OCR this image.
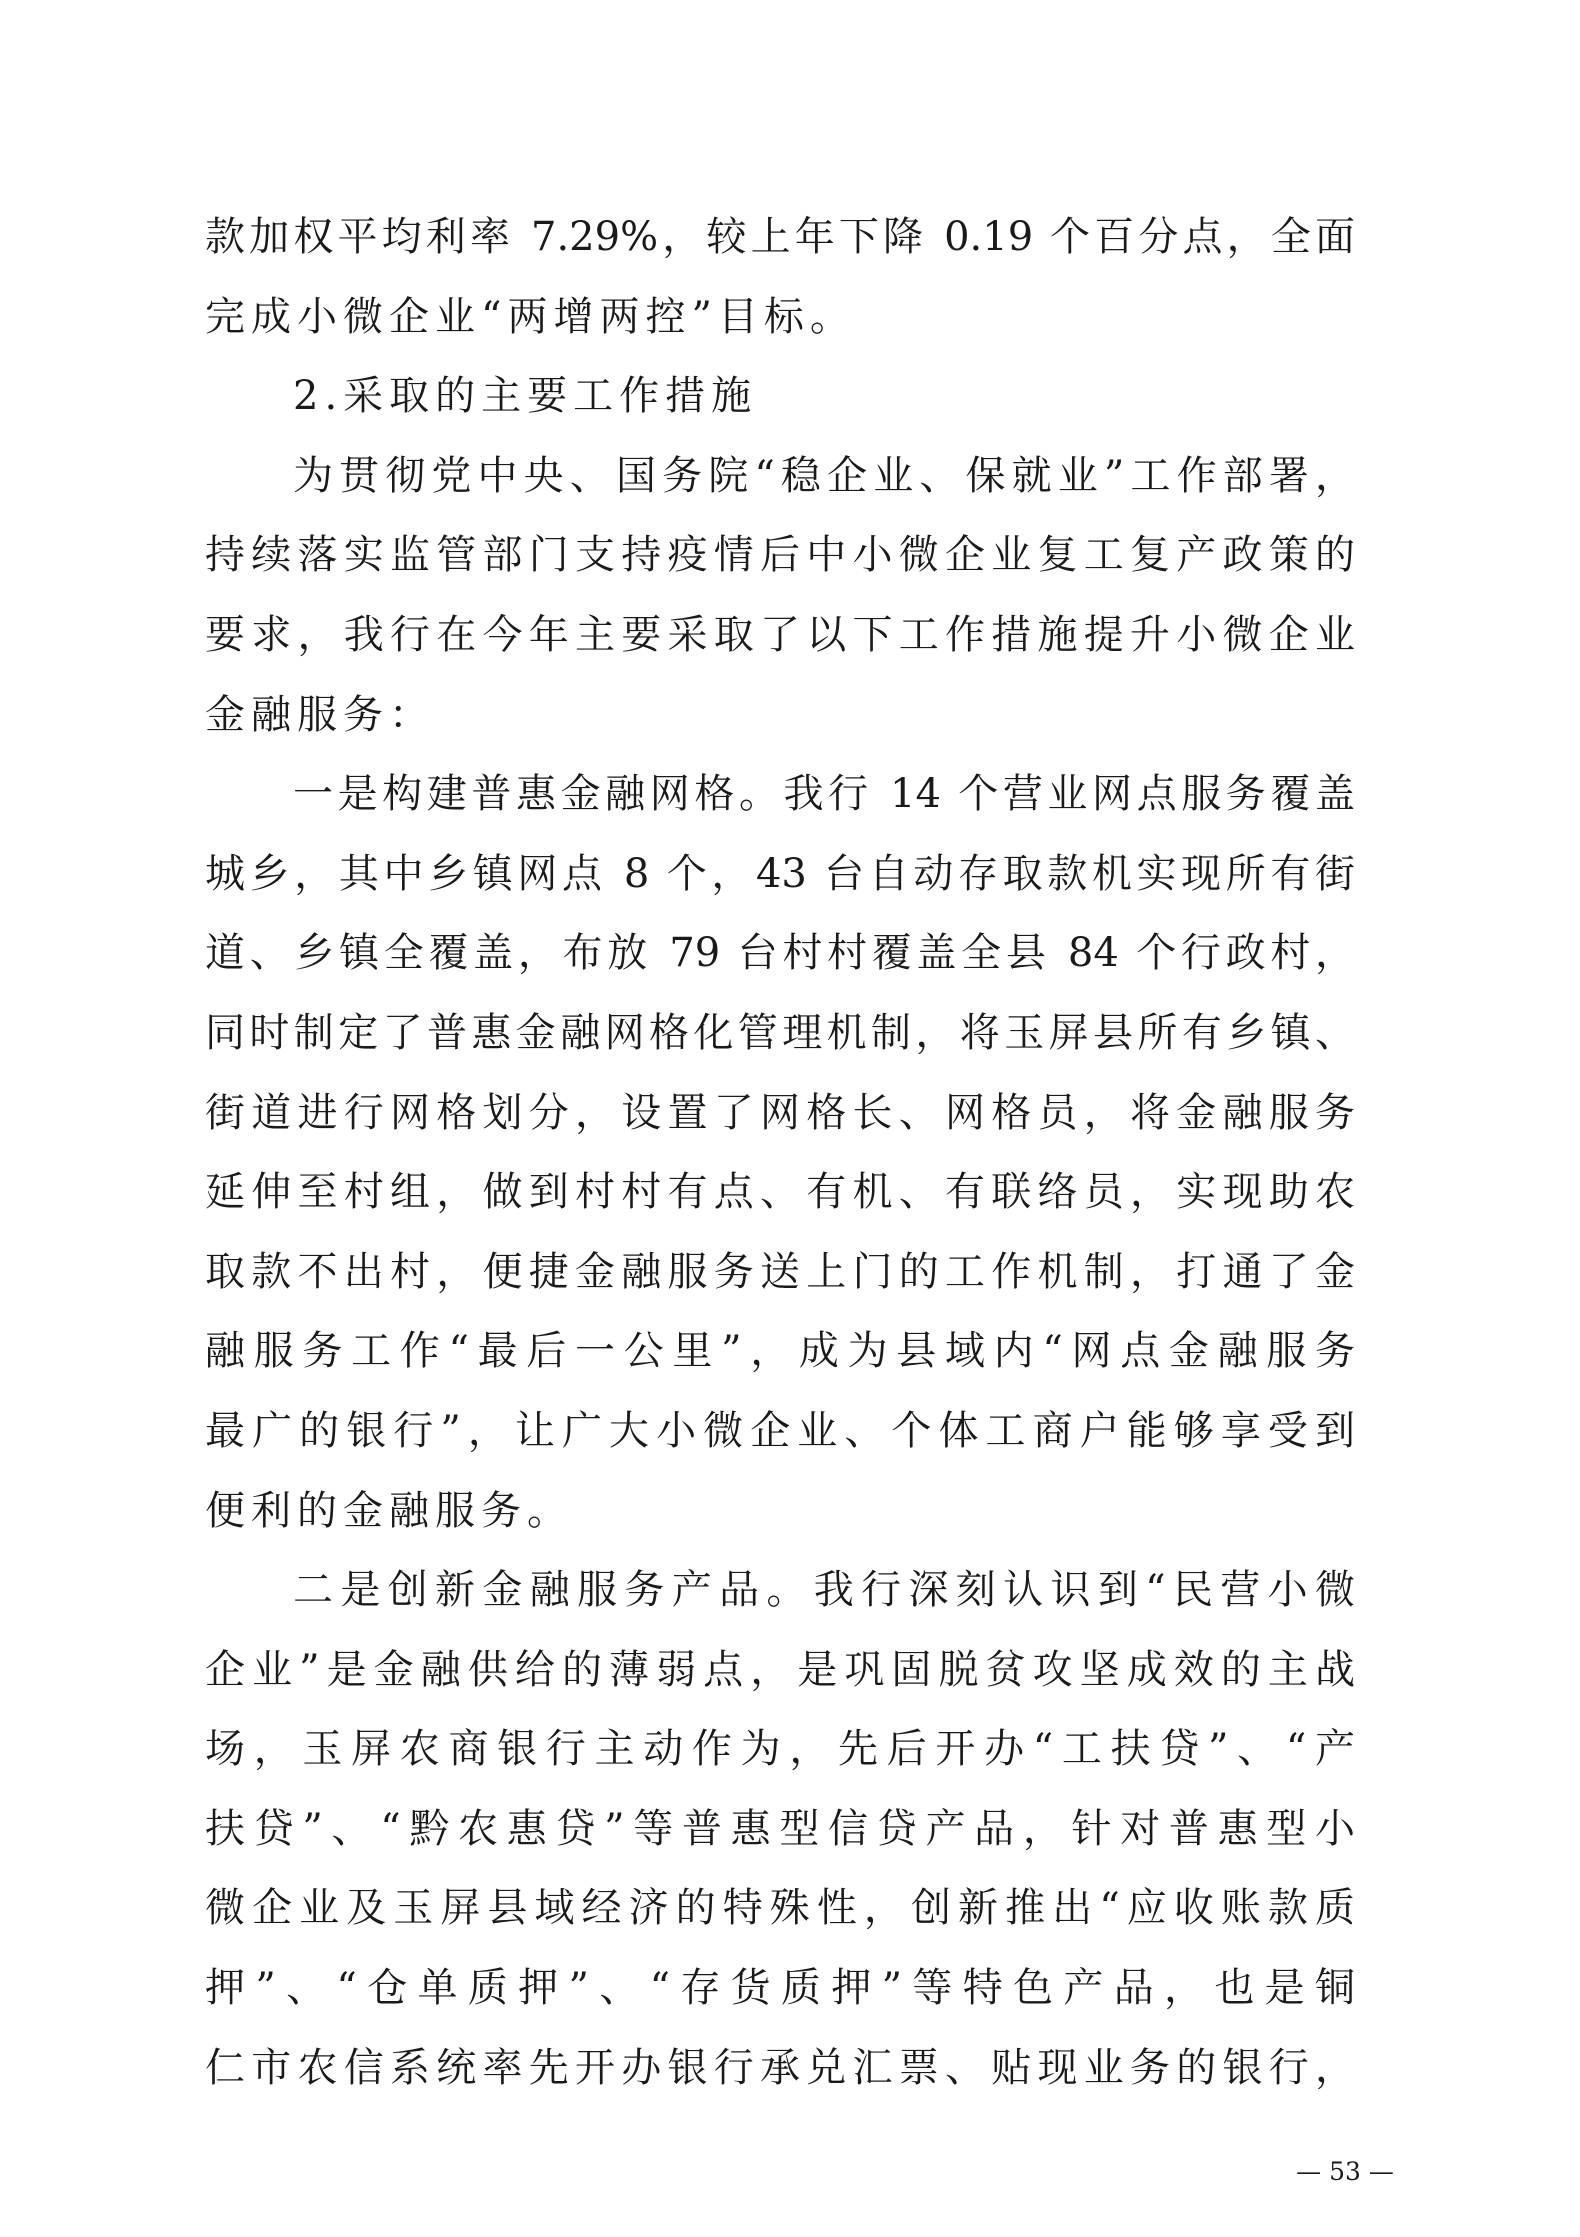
款加权平均利率 7.29%，较上年下降 0.19 个百分点，全面
完成小微企业“两增两控”目标。
2.采取的主要工作措施
为贯彻党中央、国务院“稳企业、保就业”工作部署，
持续落实监管部门支持疫情后中小微企业复工复产政策的
要求，我行在今年主要采取了以下工作措施提升小微企业
金融服务：
一是构建普惠金融网格。我行 14 个营业网点服务覆盖
城乡，其中乡镇网点 8 个，43 台自动存取款机实现所有街
道、乡镇全覆盖，布放 79 台村村覆盖全县 84 个行政村，
同时制定了普惠金融网格化管理机制，将玉屏县所有乡镇、
街道进行网格划分，设置了网格长、网格员，将金融服务
延伸至村组，做到村村有点、有机、有联络员，实现助农
取款不出村，便捷金融服务送上门的工作机制，打通了金
融服务工作“最后一公里”，成为县域内“网点金融服务
最广的银行”，让广大小微企业、个体工商户能够享受到
便利的金融服务。
二是创新金融服务产品。我行深刻认识到“民营小微
企业”是金融供给的薄弱点，是巩固脱贫攻坚成效的主战
场，玉屏农商银行主动作为，先后开办“工扶贷”、“产
扶贷”、“黔农惠贷”等普惠型信贷产品，针对普惠型小
微企业及玉屏县域经济的特殊性，创新推出“应收账款质
押”、“仓单质押”、“存货质押”等特色产品，也是铜
仁市农信系统率先开办银行承兑汇票、贴现业务的银行，
— 53 —
